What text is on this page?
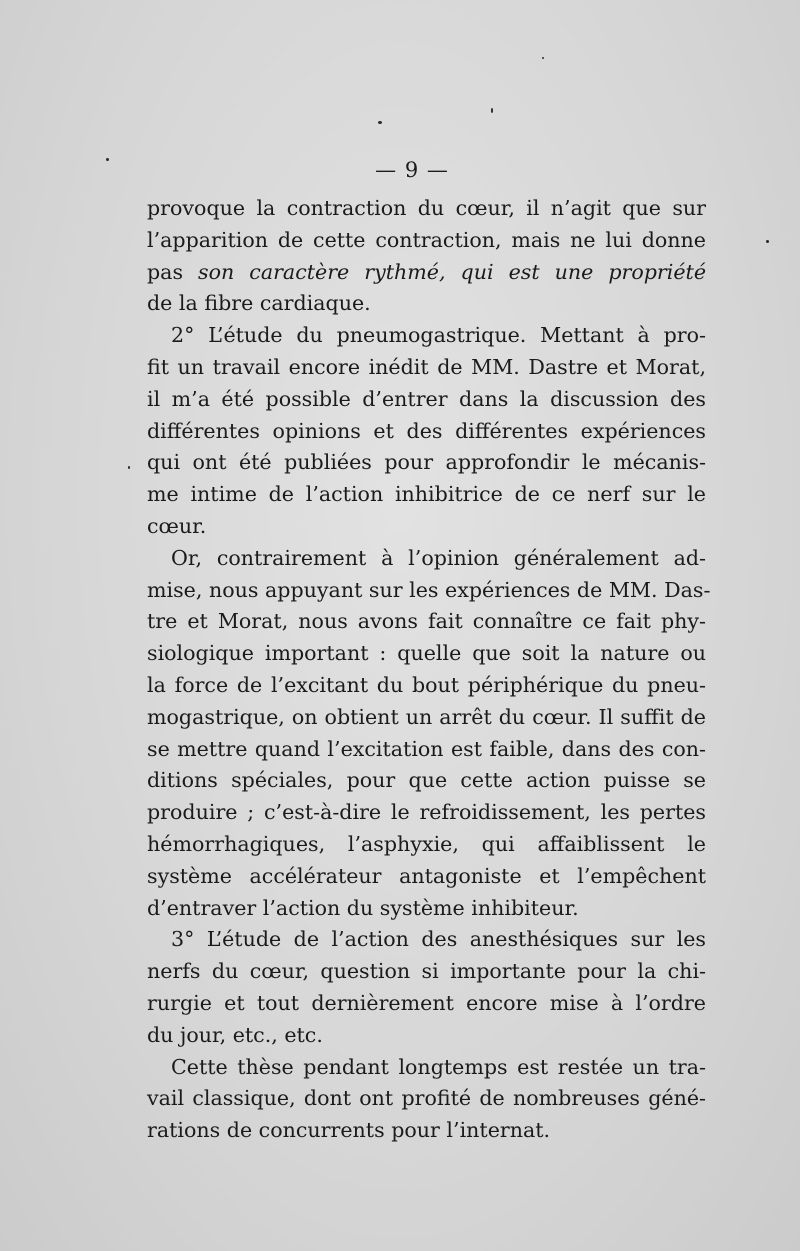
— 9 —
provoque la contraction du cœur, il n’agit que sur
l’apparition de cette contraction, mais ne lui donne
pas son caractère rythmé, qui est une propriété
de la fibre cardiaque.
2° L’étude du pneumogastrique. Mettant à pro-
fit un travail encore inédit de MM. Dastre et Morat,
il m’a été possible d’entrer dans la discussion des
différentes opinions et des différentes expériences
qui ont été publiées pour approfondir le mécanis-
me intime de l’action inhibitrice de ce nerf sur le
cœur.
Or, contrairement à l’opinion généralement ad-
mise, nous appuyant sur les expériences de MM. Das-
tre et Morat, nous avons fait connaître ce fait phy-
siologique important : quelle que soit la nature ou
la force de l’excitant du bout périphérique du pneu-
mogastrique, on obtient un arrêt du cœur. Il suffit de
se mettre quand l’excitation est faible, dans des con-
ditions spéciales, pour que cette action puisse se
produire ; c’est-à-dire le refroidissement, les pertes
hémorrhagiques, l’asphyxie, qui affaiblissent le
système accélérateur antagoniste et l’empêchent
d’entraver l’action du système inhibiteur.
3° L’étude de l’action des anesthésiques sur les
nerfs du cœur, question si importante pour la chi-
rurgie et tout dernièrement encore mise à l’ordre
du jour, etc., etc.
Cette thèse pendant longtemps est restée un tra-
vail classique, dont ont profité de nombreuses géné-
rations de concurrents pour l’internat.
